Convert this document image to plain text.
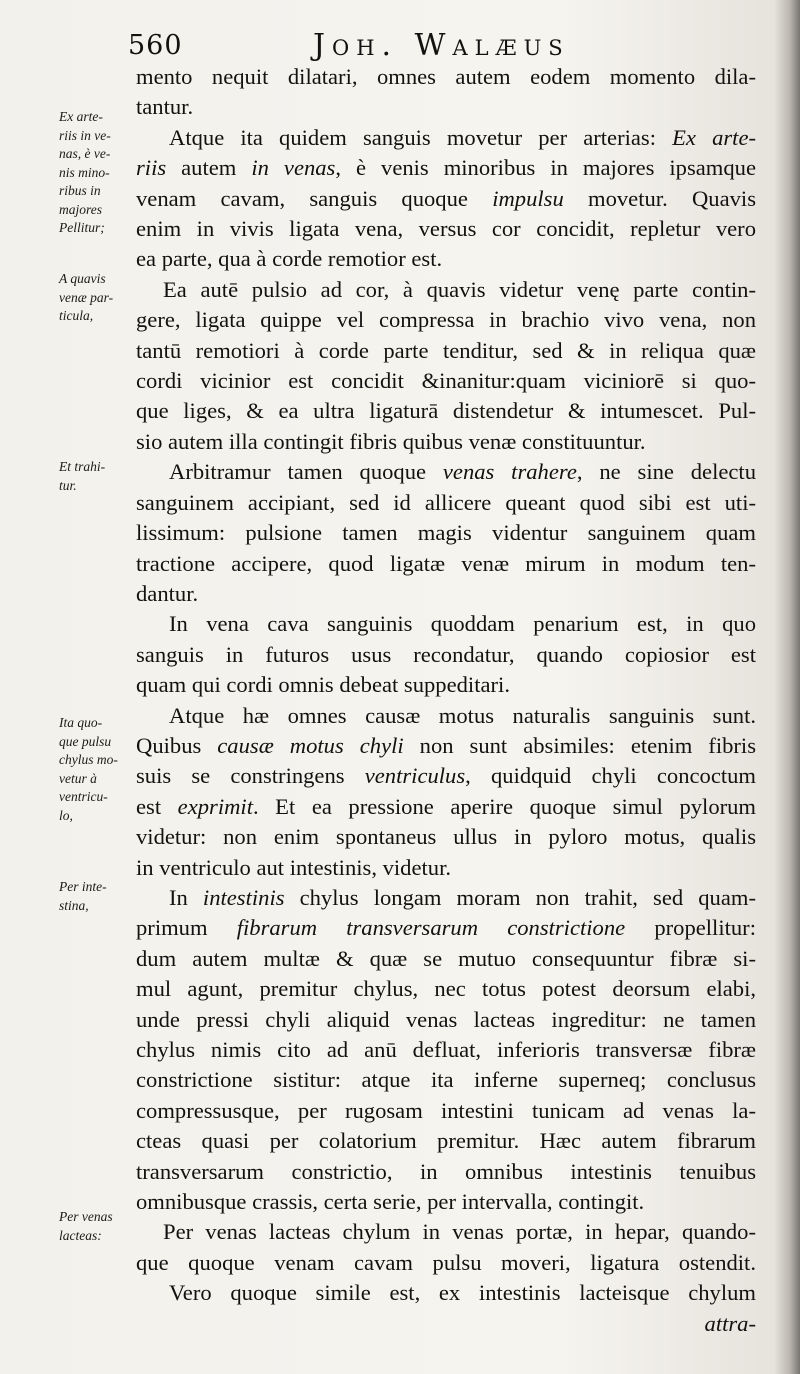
560	Joh. Walæus
Ex arte-
riis in ve-
nas, è ve-
nis mino-
ribus in
majores
Pellitur;
A quavis
venæ par-
ticula,
Et trahi-
tur.
Ita quo-
que pulsu
chylus mo-
vetur à
ventricu-
lo,
Per inte-
stina,
Per venas
lacteas:
mento nequit dilatari, omnes autem eodem momento dila-
tantur.
Atque ita quidem sanguis movetur per arterias: Ex arte-
riis autem in venas, è venis minoribus in majores ipsamque
venam cavam, sanguis quoque impulsu movetur. Quavis
enim in vivis ligata vena, versus cor concidit, repletur vero
ea parte, qua à corde remotior est.
Ea autē pulsio ad cor, à quavis videtur venę parte contin-
gere, ligata quippe vel compressa in brachio vivo vena, non
tantū remotiori à corde parte tenditur, sed & in reliqua quæ
cordi vicinior est concidit &inanitur:quam viciniorē si quo-
que liges, & ea ultra ligaturā distendetur & intumescet. Pul-
sio autem illa contingit fibris quibus venæ constituuntur.
Arbitramur tamen quoque venas trahere, ne sine delectu
sanguinem accipiant, sed id allicere queant quod sibi est uti-
lissimum: pulsione tamen magis videntur sanguinem quam
tractione accipere, quod ligatæ venæ mirum in modum ten-
dantur.
In vena cava sanguinis quoddam penarium est, in quo
sanguis in futuros usus recondatur, quando copiosior est
quam qui cordi omnis debeat suppeditari.
Atque hæ omnes causæ motus naturalis sanguinis sunt.
Quibus causæ motus chyli non sunt absimiles: etenim fibris
suis se constringens ventriculus, quidquid chyli concoctum
est exprimit. Et ea pressione aperire quoque simul pylorum
videtur: non enim spontaneus ullus in pyloro motus, qualis
in ventriculo aut intestinis, videtur.
In intestinis chylus longam moram non trahit, sed quam-
primum fibrarum transversarum constrictione propellitur:
dum autem multæ & quæ se mutuo consequuntur fibræ si-
mul agunt, premitur chylus, nec totus potest deorsum elabi,
unde pressi chyli aliquid venas lacteas ingreditur: ne tamen
chylus nimis cito ad anū defluat, inferioris transversæ fibræ
constrictione sistitur: atque ita inferne superneq; conclusus
compressusque, per rugosam intestini tunicam ad venas la-
cteas quasi per colatorium premitur. Hæc autem fibrarum
transversarum constrictio, in omnibus intestinis tenuibus
omnibusque crassis, certa serie, per intervalla, contingit.
Per venas lacteas chylum in venas portæ, in hepar, quando-
que quoque venam cavam pulsu moveri, ligatura ostendit.
Vero quoque simile est, ex intestinis lacteisque chylum
attra-
